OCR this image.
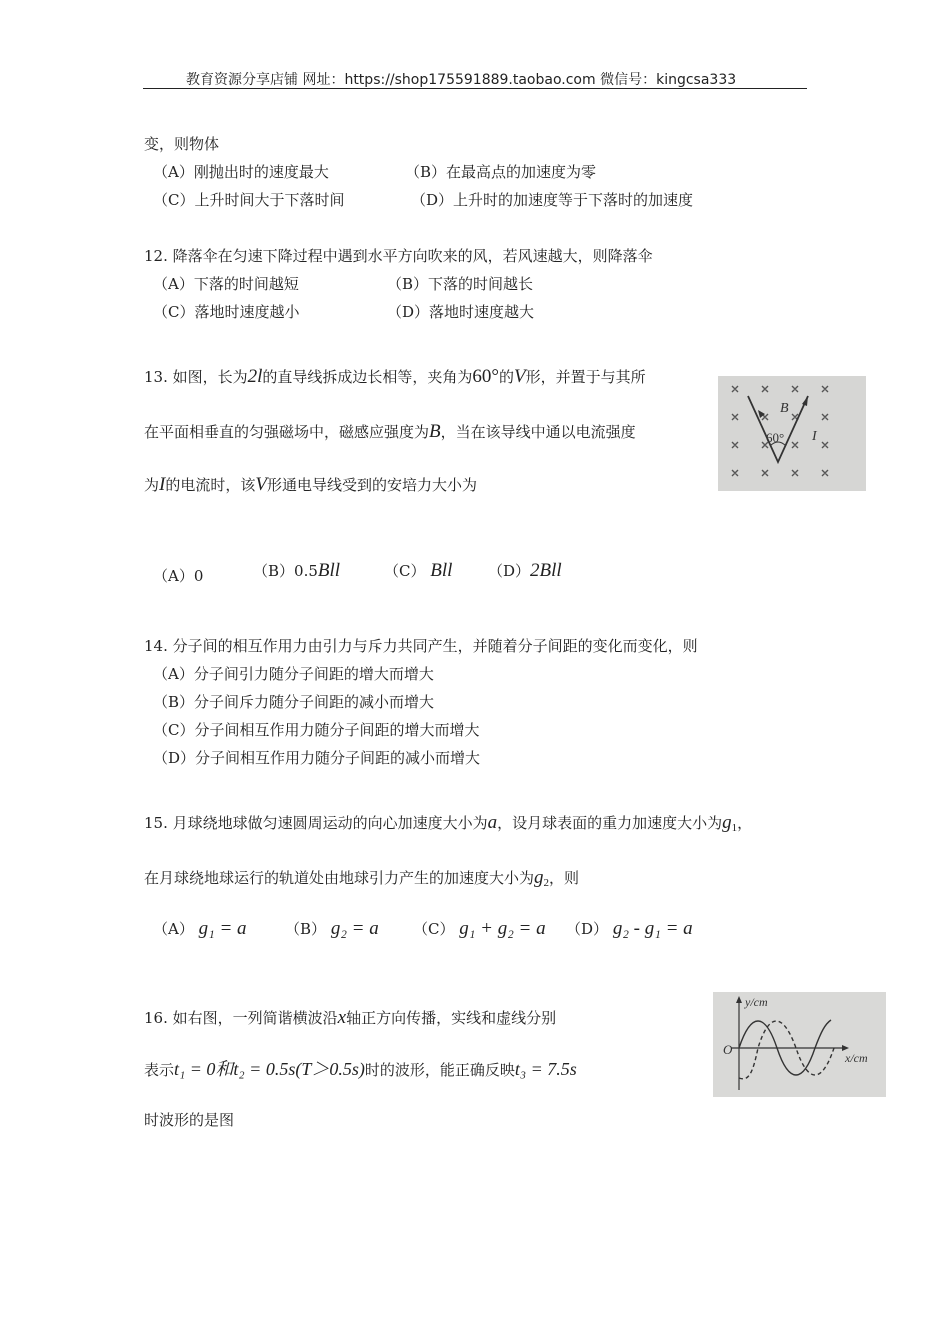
教育资源分享店铺 网址：https://shop175591889.taobao.com 微信号：kingcsa333
变，则物体
（A）刚抛出时的速度最大	（B）在最高点的加速度为零
（C）上升时间大于下落时间	（D）上升时的加速度等于下落时的加速度
12. 降落伞在匀速下降过程中遇到水平方向吹来的风，若风速越大，则降落伞
（A）下落的时间越短	（B）下落的时间越长
（C）落地时速度越小	（D）落地时速度越大
13. 如图，长为2l的直导线拆成边长相等，夹角为60°的V形，并置于与其所
在平面相垂直的匀强磁场中，磁感应强度为B，当在该导线中通以电流强度
为I的电流时，该V形通电导线受到的安培力大小为
B
60° I
（A）0	（B）0.5Bll	（C） Bll （D）2Bll
14. 分子间的相互作用力由引力与斥力共同产生，并随着分子间距的变化而变化，则
（A）分子间引力随分子间距的增大而增大
（B）分子间斥力随分子间距的减小而增大
（C）分子间相互作用力随分子间距的增大而增大
（D）分子间相互作用力随分子间距的减小而增大
15. 月球绕地球做匀速圆周运动的向心加速度大小为a，设月球表面的重力加速度大小为$g_1$，
在月球绕地球运行的轨道处由地球引力产生的加速度大小为$g_2$，则
（A） g₁ = a	（B） g₂ = a （C） g₁ + g₂ = a （D） g₂ - g₁ = a
16. 如右图，一列简谐横波沿x轴正方向传播，实线和虚线分别
表示t₁ = 0和t₂ = 0.5s(T＞0.5s)时的波形，能正确反映t₃ = 7.5s
时波形的是图
y/cm
x/cm
O
